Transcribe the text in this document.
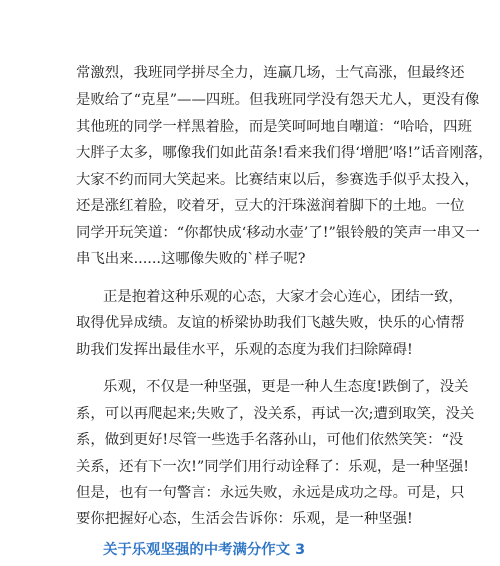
常激烈，我班同学拼尽全力，连赢几场，士气高涨，但最终还
是败给了“克星”——四班。但我班同学没有怨天尤人，更没有像
其他班的同学一样黑着脸，而是笑呵呵地自嘲道：“哈哈，四班
大胖子太多，哪像我们如此苗条!看来我们得‘增肥’咯!”话音刚落，
大家不约而同大笑起来。比赛结束以后，参赛选手似乎太投入，
还是涨红着脸，咬着牙，豆大的汗珠滋润着脚下的土地。一位
同学开玩笑道：“你都快成‘移动水壶’了!”银铃般的笑声一串又一
串飞出来......这哪像失败的`样子呢?
正是抱着这种乐观的心态，大家才会心连心，团结一致，
取得优异成绩。友谊的桥梁协助我们飞越失败，快乐的心情帮
助我们发挥出最佳水平，乐观的态度为我们扫除障碍!
乐观，不仅是一种坚强，更是一种人生态度!跌倒了，没关
系，可以再爬起来;失败了，没关系，再试一次;遭到取笑，没关
系，做到更好!尽管一些选手名落孙山，可他们依然笑笑：“没
关系，还有下一次!”同学们用行动诠释了：乐观，是一种坚强!
但是，也有一句警言：永远失败，永远是成功之母。可是，只
要你把握好心态，生活会告诉你：乐观，是一种坚强!
关于乐观坚强的中考满分作文 3
